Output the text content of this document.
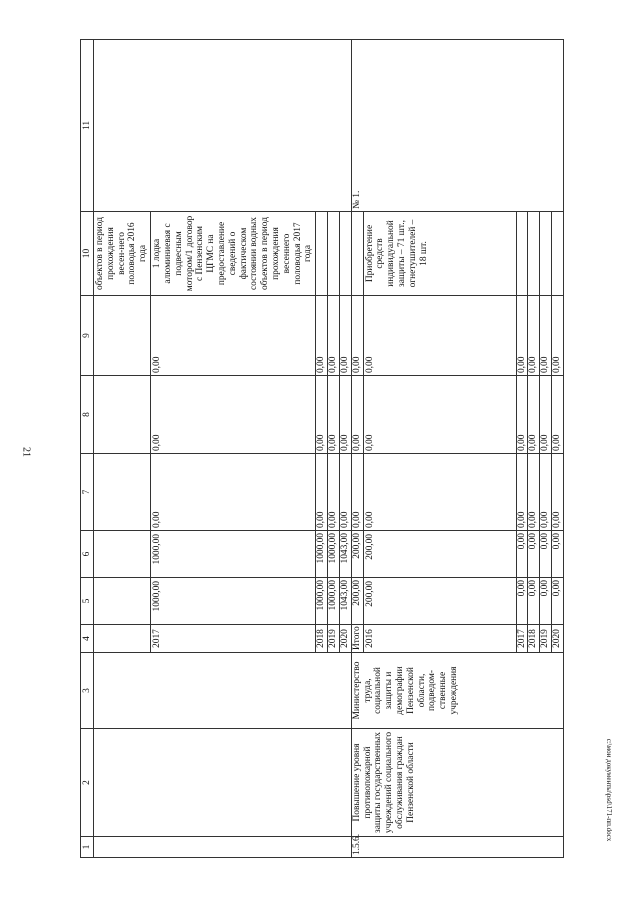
21
c:\мои документы\psd\171-пп.docx
1	2	3	4	5	6	7	8	9	10	11
									объектов в период прохождения весен-него половодья 2016 года	
			2017	1000,00	1000,00	0,00	0,00	0,00	1 лодка алюминиевая с подвесным мотором/1 договор с Пензенским ЦГМС на предоставление сведений о фактическом состоянии водных объектов в период прохождения весеннего половодья 2017 года	
			2018	1000,00	1000,00	0,00	0,00	0,00		
			2019	1000,00	1000,00	0,00	0,00	0,00		
			2020	1043,00	1043,00	0,00	0,00	0,00		
1.5.6.	Повышение уровня противопожарной защиты государственных учреждений социального обслуживания граждан Пензенской области	Министерство труда, социальной защиты и демографии Пензенской области, подведом-ственные учреждения	Итого	200,00	200,00	0,00	0,00	0,00		№ 1.
			2016	200,00	200,00	0,00	0,00	0,00	Приобретение средств индивидуальной защиты – 71 шт., огнетушителей – 18 шт.	
			2017	0,00	0,00	0,00	0,00	0,00		
			2018	0,00	0,00	0,00	0,00	0,00		
			2019	0,00	0,00	0,00	0,00	0,00		
			2020	0,00	0,00	0,00	0,00	0,00		
